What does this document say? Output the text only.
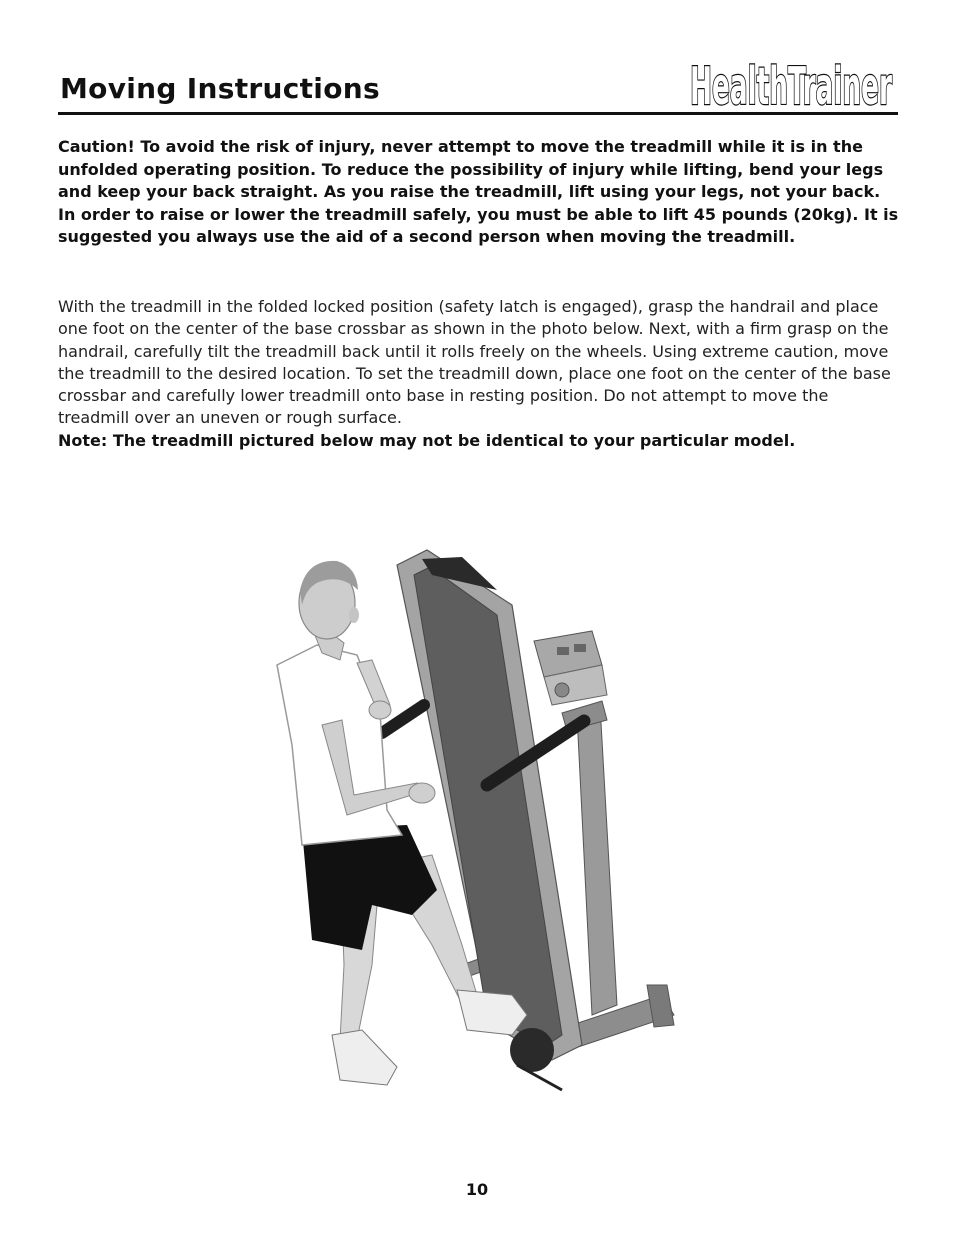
Moving Instructions	HealthTrainer

Caution! To avoid the risk of injury, never attempt to move the treadmill while it is in the unfolded operating position. To reduce the possibility of injury while lifting, bend your legs and keep your back straight. As you raise the treadmill, lift using your legs, not your back. In order to raise or lower the treadmill safely, you must be able to lift 45 pounds (20kg). It is suggested you always use the aid of a second person when moving the treadmill.

With the treadmill in the folded locked position (safety latch is engaged), grasp the handrail and place one foot on the center of the base crossbar as shown in the photo below. Next, with a firm grasp on the handrail, carefully tilt the treadmill back until it rolls freely on the wheels. Using extreme caution, move the treadmill to the desired location. To set the treadmill down, place one foot on the center of the base crossbar and carefully lower treadmill onto base in resting position. Do not attempt to move the treadmill over an uneven or rough surface.
Note: The treadmill pictured below may not be identical to your particular model.

10
